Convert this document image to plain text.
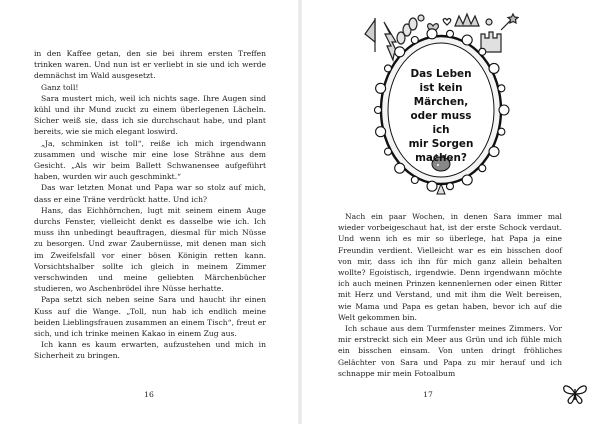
in den Kaffee getan, den sie bei ihrem ersten Treffen trinken waren. Und nun ist er verliebt in sie und ich werde demnächst im Wald ausgesetzt.

Ganz toll!

Sara mustert mich, weil ich nichts sage. Ihre Augen sind kühl und ihr Mund zuckt zu einem überlegenen Lächeln. Sicher weiß sie, dass ich sie durchschaut habe, und plant bereits, wie sie mich elegant loswird.

„Ja, schminken ist toll“, reiße ich mich irgendwann zusammen und wische mir eine lose Strähne aus dem Gesicht. „Als wir beim Ballett Schwanensee aufgeführt haben, wurden wir auch geschminkt.“

Das war letzten Monat und Papa war so stolz auf mich, dass er eine Träne verdrückt hatte. Und ich?

Hans, das Eichhörnchen, lugt mit seinem einem Auge durchs Fenster, vielleicht denkt es dasselbe wie ich. Ich muss ihn unbedingt beauftragen, diesmal für mich Nüsse zu besorgen. Und zwar Zaubernüsse, mit denen man sich im Zweifelsfall vor einer bösen Königin retten kann. Vorsichtshalber sollte ich gleich in meinem Zimmer verschwinden und meine geliebten Märchenbücher studieren, wo Aschenbrödel ihre Nüsse herhatte.

Papa setzt sich neben seine Sara und haucht ihr einen Kuss auf die Wange. „Toll, nun hab ich endlich meine beiden Lieblingsfrauen zusammen an einem Tisch“, freut er sich, und ich trinke meinen Kakao in einem Zug aus.

Ich kann es kaum erwarten, aufzustehen und mich in Sicherheit zu bringen.

16
Das Leben
ist kein Märchen,
oder muss ich
mir Sorgen
machen?

Nach ein paar Wochen, in denen Sara immer mal wieder vorbeigeschaut hat, ist der erste Schock verdaut. Und wenn ich es mir so überlege, hat Papa ja eine Freundin verdient. Vielleicht war es ein bisschen doof von mir, dass ich ihn für mich ganz allein behalten wollte? Egoistisch, irgendwie. Denn irgendwann möchte ich auch meinen Prinzen kennenlernen oder einen Ritter mit Herz und Verstand, und mit ihm die Welt bereisen, wie Mama und Papa es getan haben, bevor ich auf die Welt gekommen bin.

Ich schaue aus dem Turmfenster meines Zimmers. Vor mir erstreckt sich ein Meer aus Grün und ich fühle mich ein bisschen einsam. Von unten dringt fröhliches Gelächter von Sara und Papa zu mir herauf und ich schnappe mir mein Fotoalbum

17
